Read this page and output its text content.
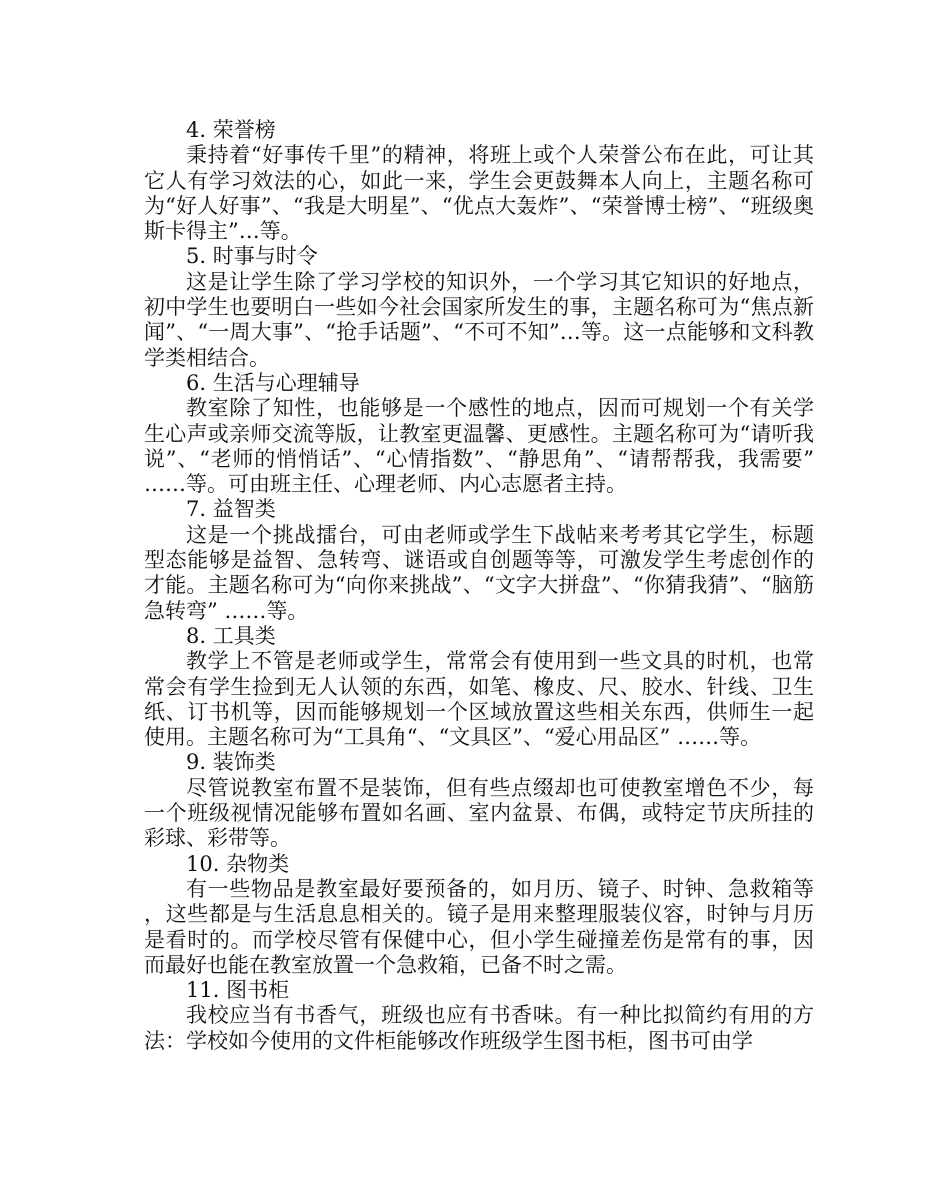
4. 荣誉榜

秉持着“好事传千里”的精神，将班上或个人荣誉公布在此，可让其它人有学习效法的心，如此一来，学生会更鼓舞本人向上，主题名称可为“好人好事”、“我是大明星”、“优点大轰炸”、“荣誉博士榜”、“班级奥斯卡得主”…等。

5. 时事与时令

这是让学生除了学习学校的知识外，一个学习其它知识的好地点，初中学生也要明白一些如今社会国家所发生的事，主题名称可为“焦点新闻”、“一周大事”、“抢手话题”、“不可不知”…等。这一点能够和文科教学类相结合。

6. 生活与心理辅导

教室除了知性，也能够是一个感性的地点，因而可规划一个有关学生心声或亲师交流等版，让教室更温馨、更感性。主题名称可为“请听我说”、“老师的悄悄话”、“心情指数”、“静思角”、“请帮帮我，我需要” ……等。可由班主任、心理老师、内心志愿者主持。

7. 益智类

这是一个挑战擂台，可由老师或学生下战帖来考考其它学生，标题型态能够是益智、急转弯、谜语或自创题等等，可激发学生考虑创作的才能。主题名称可为“向你来挑战”、“文字大拼盘”、“你猜我猜”、“脑筋急转弯” ……等。

8. 工具类

教学上不管是老师或学生，常常会有使用到一些文具的时机，也常常会有学生捡到无人认领的东西，如笔、橡皮、尺、胶水、针线、卫生纸、订书机等，因而能够规划一个区域放置这些相关东西，供师生一起使用。主题名称可为“工具角“、“文具区”、“爱心用品区” ……等。

9. 装饰类

尽管说教室布置不是装饰，但有些点缀却也可使教室增色不少，每一个班级视情况能够布置如名画、室内盆景、布偶，或特定节庆所挂的彩球、彩带等。

10. 杂物类

有一些物品是教室最好要预备的，如月历、镜子、时钟、急救箱等，这些都是与生活息息相关的。镜子是用来整理服装仪容，时钟与月历是看时的。而学校尽管有保健中心，但小学生碰撞差伤是常有的事，因而最好也能在教室放置一个急救箱，已备不时之需。

11. 图书柜

我校应当有书香气，班级也应有书香味。有一种比拟简约有用的方法：学校如今使用的文件柜能够改作班级学生图书柜，图书可由学
